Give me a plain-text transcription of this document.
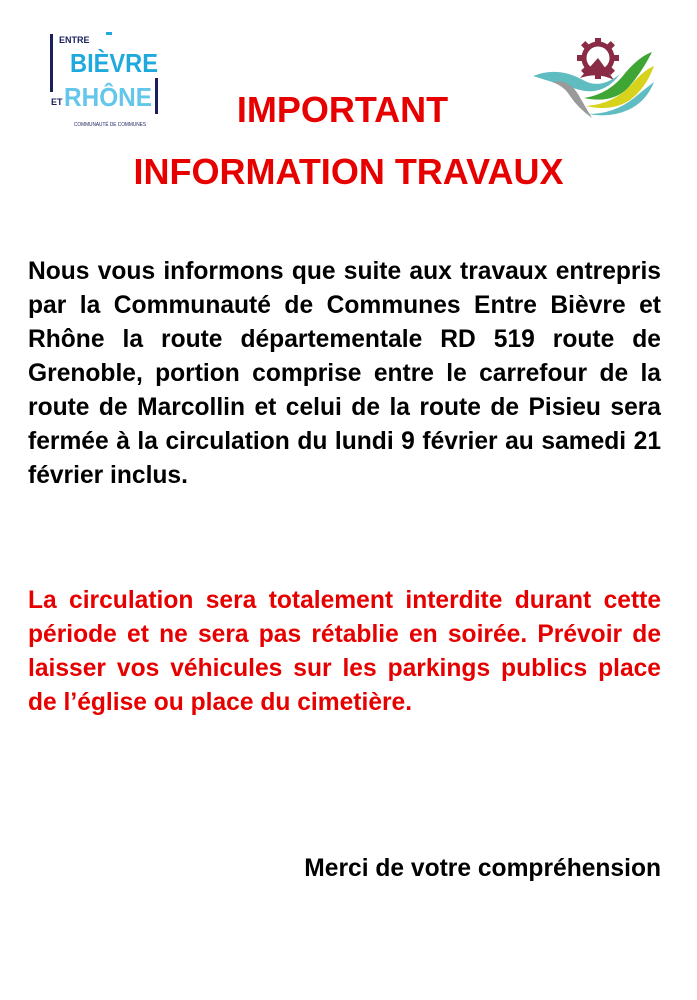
ENTRE
BIÈVRE
ET RHÔNE
COMMUNAUTÉ DE COMMUNES	IMPORTANT
INFORMATION TRAVAUX

Nous vous informons que suite aux travaux entrepris par la Communauté de Communes Entre Bièvre et Rhône la route départementale RD 519 route de Grenoble, portion comprise entre le carrefour de la route de Marcollin et celui de la route de Pisieu sera fermée à la circulation du lundi 9 février au samedi 21 février inclus.

La circulation sera totalement interdite durant cette période et ne sera pas rétablie en soirée. Prévoir de laisser vos véhicules sur les parkings publics place de l’église ou place du cimetière.

Merci de votre compréhension
